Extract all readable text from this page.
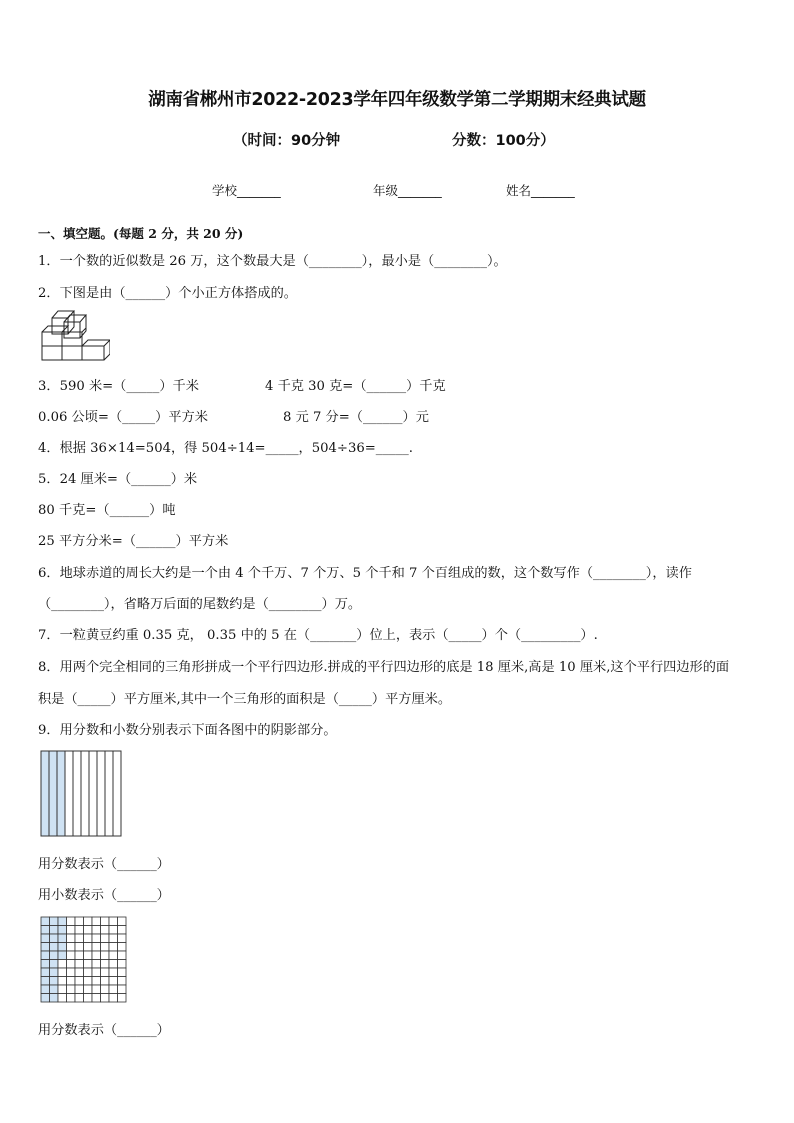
湖南省郴州市2022-2023学年四年级数学第二学期期末经典试题
（时间：90分钟	分数：100分）
学校_______	年级_______	姓名_______
一、填空题。(每题 2 分，共 20 分)
1．一个数的近似数是 26 万，这个数最大是（________），最小是（________）。
2．下图是由（______）个小正方体搭成的。
3．590 米=（_____）千米	4 千克 30 克=（______）千克
0.06 公顷=（_____）平方米	8 元 7 分=（______）元
4．根据 36×14=504，得 504÷14=_____，504÷36=_____.
5．24 厘米=（______）米
80 千克=（______）吨
25 平方分米=（______）平方米
6．地球赤道的周长大约是一个由 4 个千万、7 个万、5 个千和 7 个百组成的数，这个数写作（________），读作
（________），省略万后面的尾数约是（________）万。
7．一粒黄豆约重 0.35 克， 0.35 中的 5 在（_______）位上，表示（_____）个（_________）.
8．用两个完全相同的三角形拼成一个平行四边形.拼成的平行四边形的底是 18 厘米,高是 10 厘米,这个平行四边形的面
积是（_____）平方厘米,其中一个三角形的面积是（_____）平方厘米。
9．用分数和小数分别表示下面各图中的阴影部分。
用分数表示（______）
用小数表示（______）
用分数表示（______）
